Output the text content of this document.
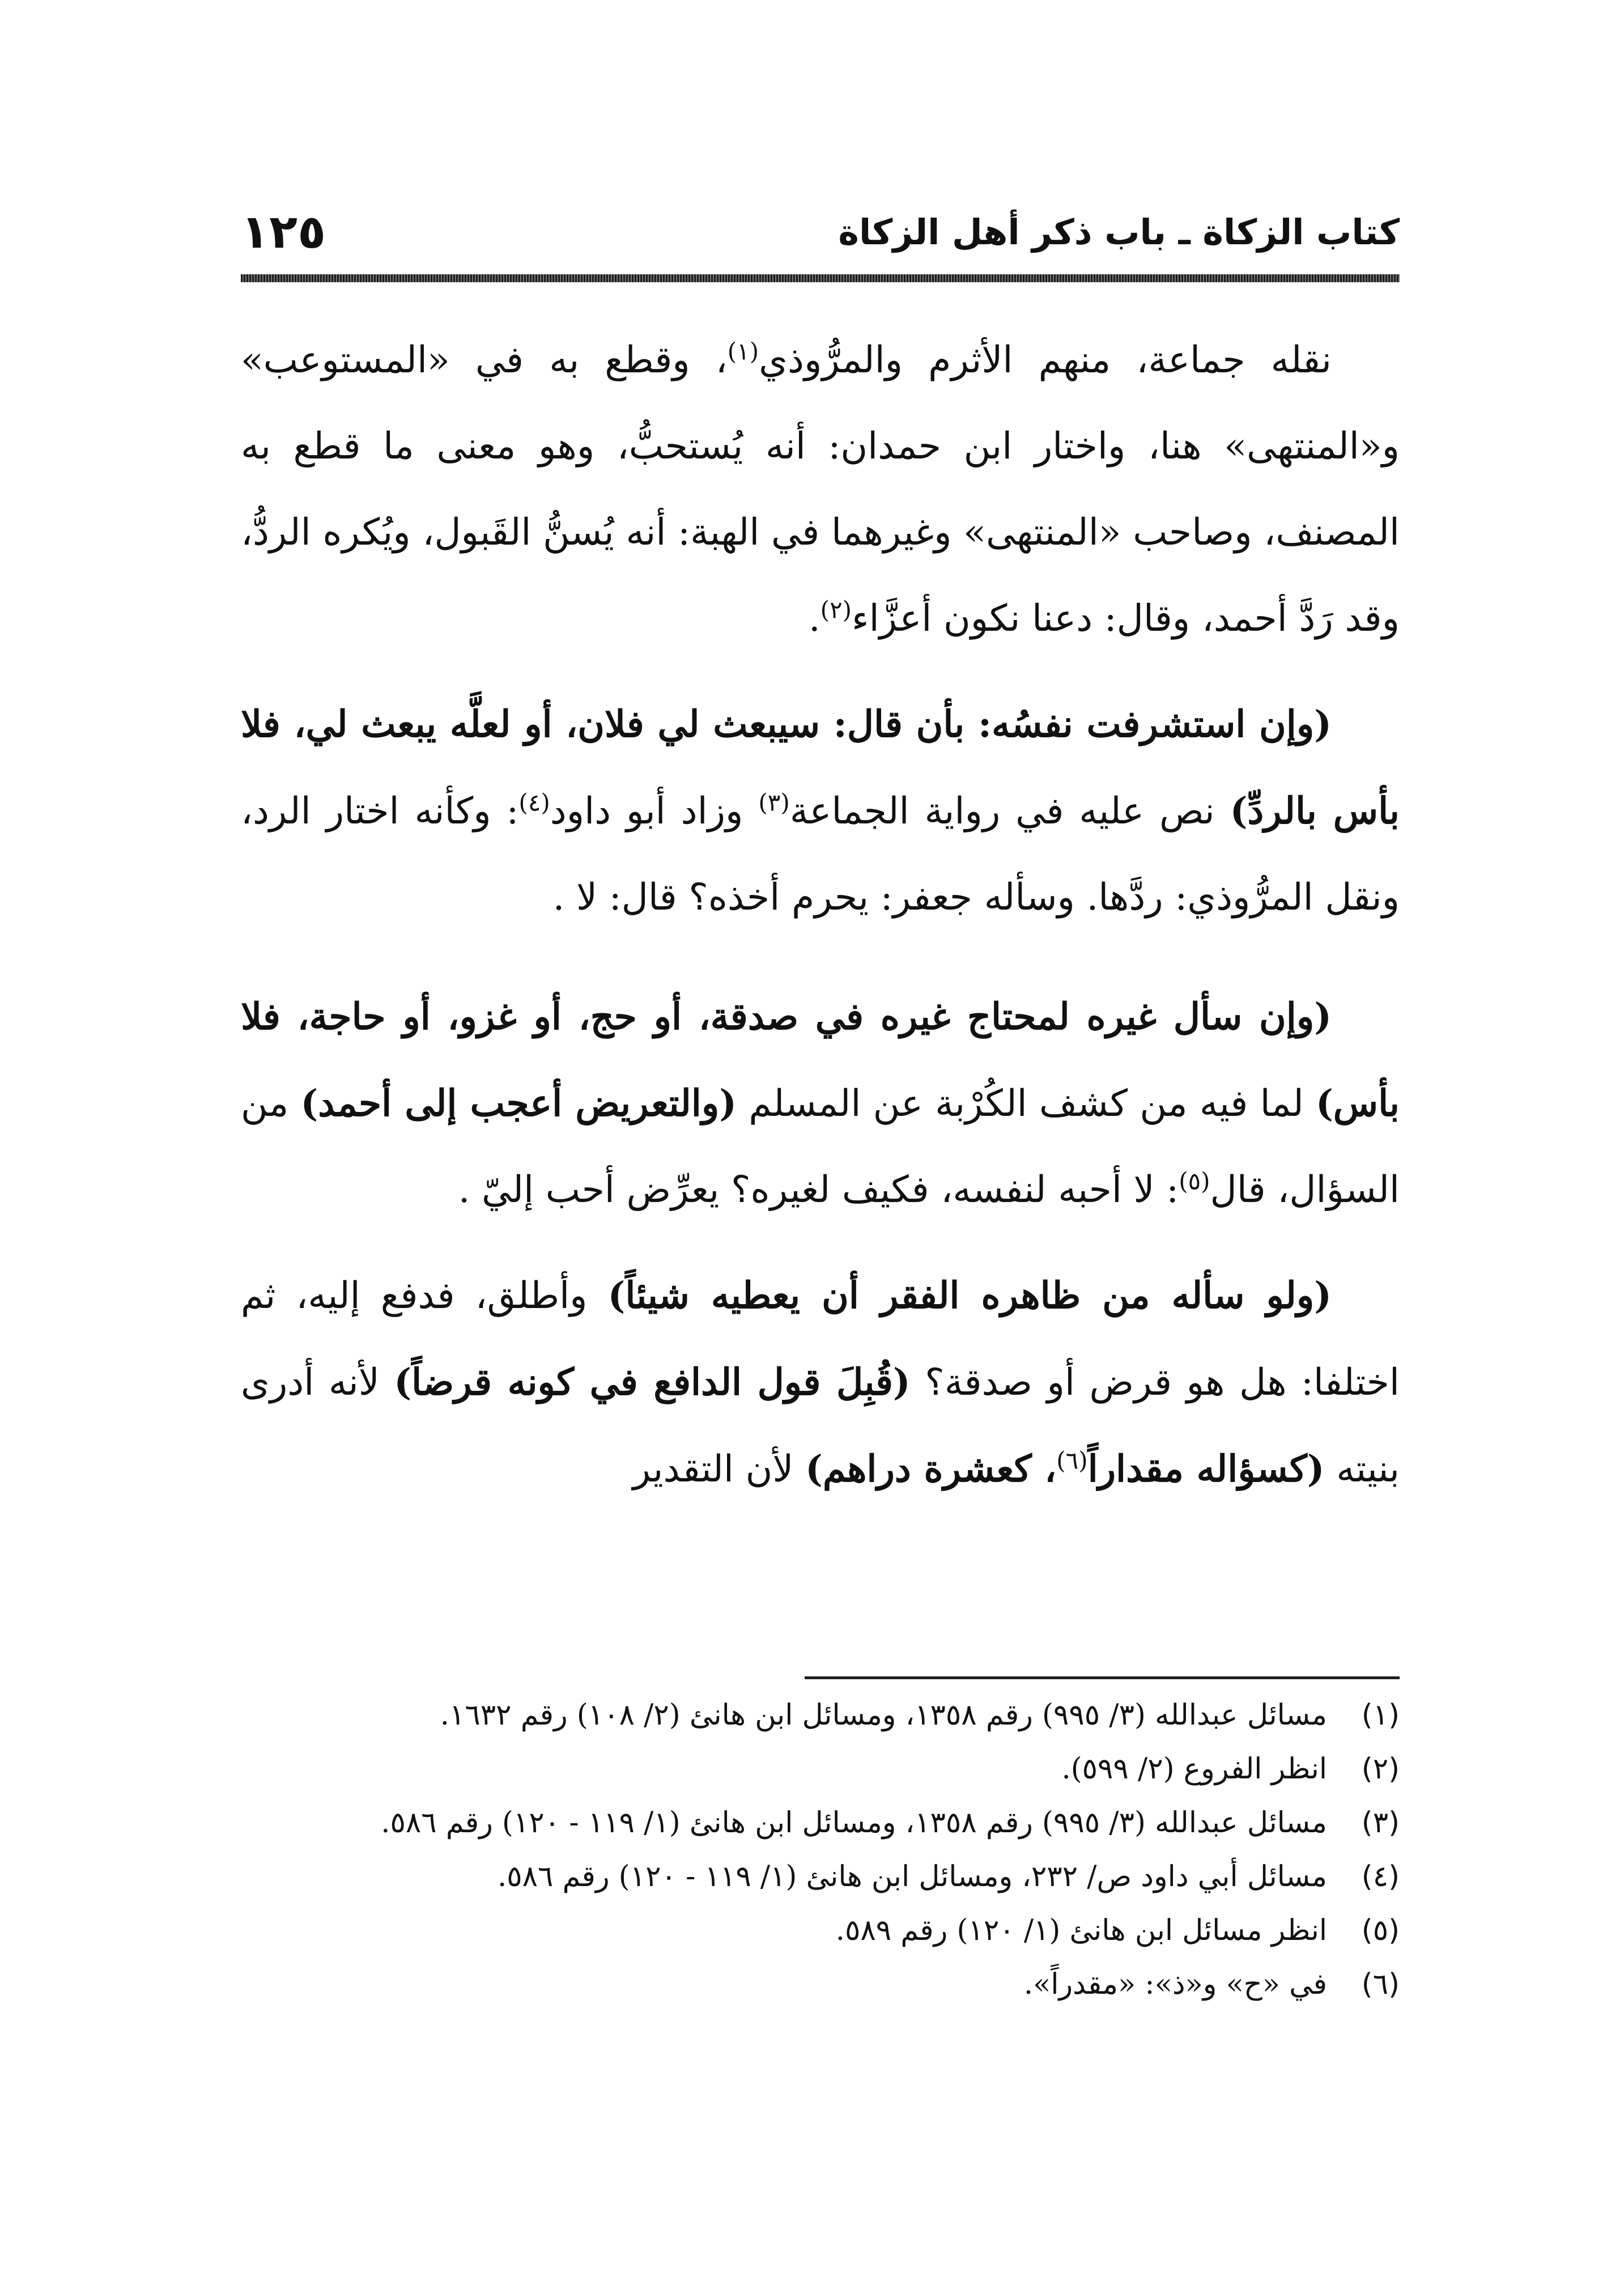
كتاب الزكاة ـ باب ذكر أهل الزكاة
١٢٥

نقله جماعة، منهم الأثرم والمرُّوذي$^{(١)}$، وقطع به في «المستوعب» و«المنتهى» هنا، واختار ابن حمدان: أنه يُستحبُّ، وهو معنى ما قطع به المصنف، وصاحب «المنتهى» وغيرهما في الهبة: أنه يُسنُّ القَبول، ويُكره الردُّ، وقد رَدَّ أحمد، وقال: دعنا نكون أعزَّاء$^{(٢)}$.

(وإن استشرفت نفسُه: بأن قال: سيبعث لي فلان، أو لعلَّه يبعث لي، فلا بأس بالردِّ) نص عليه في رواية الجماعة$^{(٣)}$ وزاد أبو داود$^{(٤)}$: وكأنه اختار الرد، ونقل المرُّوذي: ردَّها. وسأله جعفر: يحرم أخذه؟ قال: لا .

(وإن سأل غيره لمحتاج غيره في صدقة، أو حج، أو غزو، أو حاجة، فلا بأس) لما فيه من كشف الكُرْبة عن المسلم (والتعريض أعجب إلى أحمد) من السؤال، قال$^{(٥)}$: لا أحبه لنفسه، فكيف لغيره؟ يعرِّض أحب إليّ .

(ولو سأله من ظاهره الفقر أن يعطيه شيئاً) وأطلق، فدفع إليه، ثم اختلفا: هل هو قرض أو صدقة؟ (قُبِلَ قول الدافع في كونه قرضاً) لأنه أدرى بنيته (كسؤاله مقداراً$^{(٦)}$، كعشرة دراهم) لأن التقدير

(١)
مسائل عبدالله (٣/ ٩٩٥) رقم ١٣٥٨، ومسائل ابن هانئ (٢/ ١٠٨) رقم ١٦٣٢.
(٢)
انظر الفروع (٢/ ٥٩٩).
(٣)
مسائل عبدالله (٣/ ٩٩٥) رقم ١٣٥٨، ومسائل ابن هانئ (١/ ١١٩ - ١٢٠) رقم ٥٨٦.
(٤)
مسائل أبي داود ص/ ٢٣٢، ومسائل ابن هانئ (١/ ١١٩ - ١٢٠) رقم ٥٨٦.
(٥)
انظر مسائل ابن هانئ (١/ ١٢٠) رقم ٥٨٩.
(٦)
في «ح» و«ذ»: «مقدراً».
